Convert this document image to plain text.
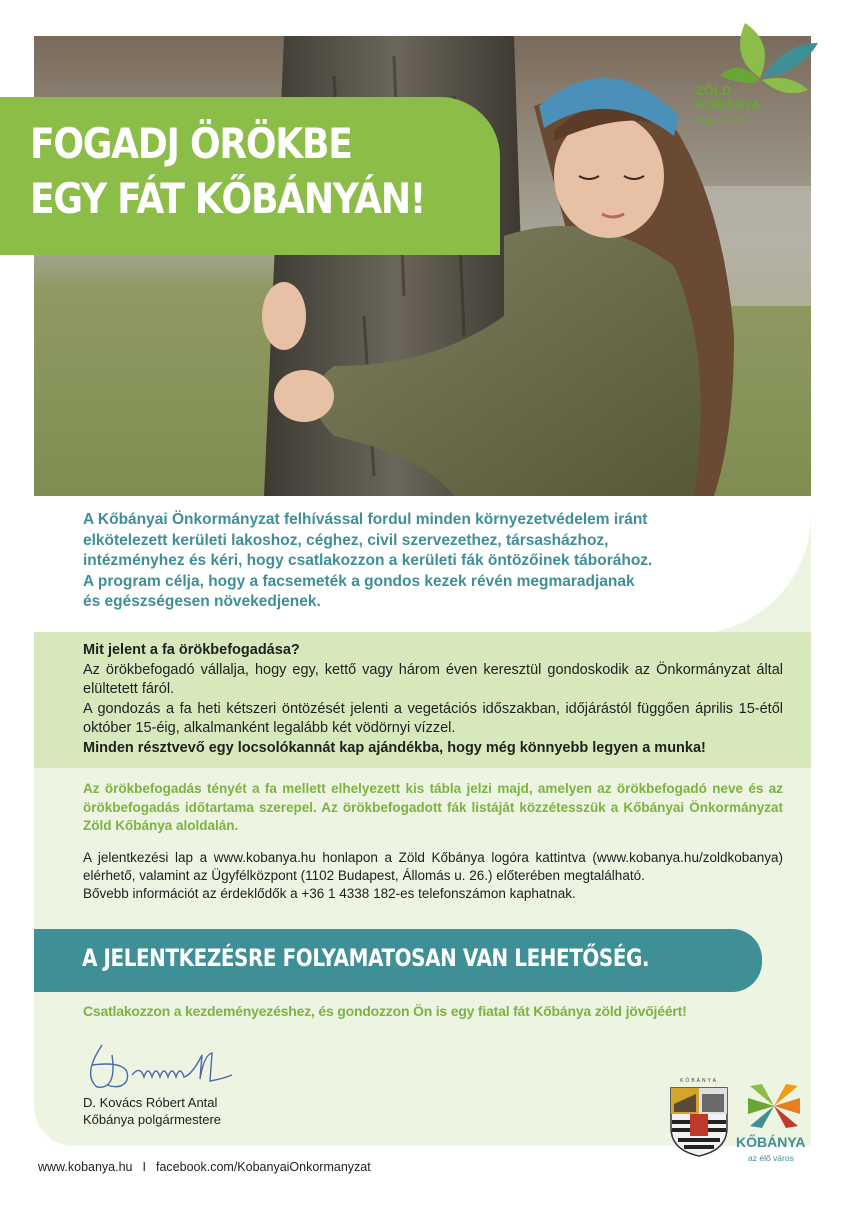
FOGADJ ÖRÖKBE
EGY FÁT KŐBÁNYÁN!
ZÖLD
KŐBÁNYA
Rajtad múlik!
A Kőbányai Önkormányzat felhívással fordul minden környezetvédelem iránt
elkötelezett kerületi lakoshoz, céghez, civil szervezethez, társasházhoz,
intézményhez és kéri, hogy csatlakozzon a kerületi fák öntözőinek táborához.
A program célja, hogy a facsemeték a gondos kezek révén megmaradjanak
és egészségesen növekedjenek.

Mit jelent a fa örökbefogadása?

Az örökbefogadó vállalja, hogy egy, kettő vagy három éven keresztül gondoskodik az Önkormányzat által elültetett fáról.

A gondozás a fa heti kétszeri öntözését jelenti a vegetációs időszakban, időjárástól függően április 15-étől október 15-éig, alkalmanként legalább két vödörnyi vízzel.

Minden résztvevő egy locsolókannát kap ajándékba, hogy még könnyebb legyen a munka!

Az örökbefogadás tényét a fa mellett elhelyezett kis tábla jelzi majd, amelyen az örökbefogadó neve és az örökbefogadás időtartama szerepel. Az örökbefogadott fák listáját közzétesszük a Kőbányai Önkormányzat Zöld Kőbánya aloldalán.

A jelentkezési lap a www.kobanya.hu honlapon a Zöld Kőbánya logóra kattintva (www.kobanya.hu/zoldkobanya) elérhető, valamint az Ügyfélközpont (1102 Budapest, Állomás u. 26.) előterében megtalálható.

Bővebb információt az érdeklődők a +36 1 4338 182-es telefonszámon kaphatnak.

A JELENTKEZÉSRE FOLYAMATOSAN VAN LEHETŐSÉG.
Csatlakozzon a kezdeményezéshez, és gondozzon Ön is egy fiatal fát Kőbánya zöld jövőjéért!
D. Kovács Róbert Antal
Kőbánya polgármestere
KŐBÁNYA
KŐBÁNYA
az élő város
www.kobanya.hu I facebook.com/KobanyaiOnkormanyzat
